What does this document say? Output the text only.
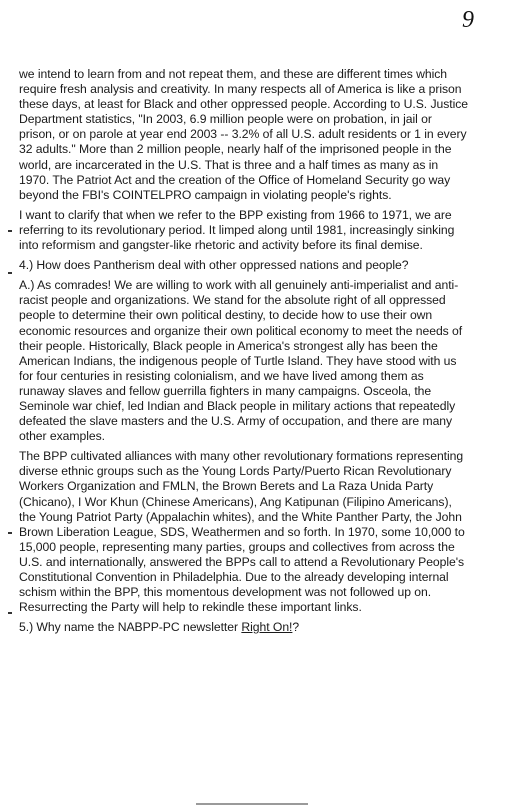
9

we intend to learn from and not repeat them, and these are different times which require fresh analysis and creativity. In many respects all of America is like a prison these days, at least for Black and other oppressed people. According to U.S. Justice Department statistics, "In 2003, 6.9 million people were on probation, in jail or prison, or on parole at year end 2003 -- 3.2% of all U.S. adult residents or 1 in every 32 adults." More than 2 million people, nearly half of the imprisoned people in the world, are incarcerated in the U.S. That is three and a half times as many as in 1970. The Patriot Act and the creation of the Office of Homeland Security go way beyond the FBI's COINTELPRO campaign in violating people's rights.

I want to clarify that when we refer to the BPP existing from 1966 to 1971, we are referring to its revolutionary period. It limped along until 1981, increasingly sinking into reformism and gangster-like rhetoric and activity before its final demise.

4.) How does Pantherism deal with other oppressed nations and people?

A.) As comrades! We are willing to work with all genuinely anti-imperialist and anti-racist people and organizations. We stand for the absolute right of all oppressed people to determine their own political destiny, to decide how to use their own economic resources and organize their own political economy to meet the needs of their people. Historically, Black people in America's strongest ally has been the American Indians, the indigenous people of Turtle Island. They have stood with us for four centuries in resisting colonialism, and we have lived among them as runaway slaves and fellow guerrilla fighters in many campaigns. Osceola, the Seminole war chief, led Indian and Black people in military actions that repeatedly defeated the slave masters and the U.S. Army of occupation, and there are many other examples.

The BPP cultivated alliances with many other revolutionary formations representing diverse ethnic groups such as the Young Lords Party/Puerto Rican Revolutionary Workers Organization and FMLN, the Brown Berets and La Raza Unida Party (Chicano), I Wor Khun (Chinese Americans), Ang Katipunan (Filipino Americans), the Young Patriot Party (Appalachin whites), and the White Panther Party, the John Brown Liberation League, SDS, Weathermen and so forth. In 1970, some 10,000 to 15,000 people, representing many parties, groups and collectives from across the U.S. and internationally, answered the BPPs call to attend a Revolutionary People's Constitutional Convention in Philadelphia. Due to the already developing internal schism within the BPP, this momentous development was not followed up on. Resurrecting the Party will help to rekindle these important links.

5.) Why name the NABPP-PC newsletter Right On!?
